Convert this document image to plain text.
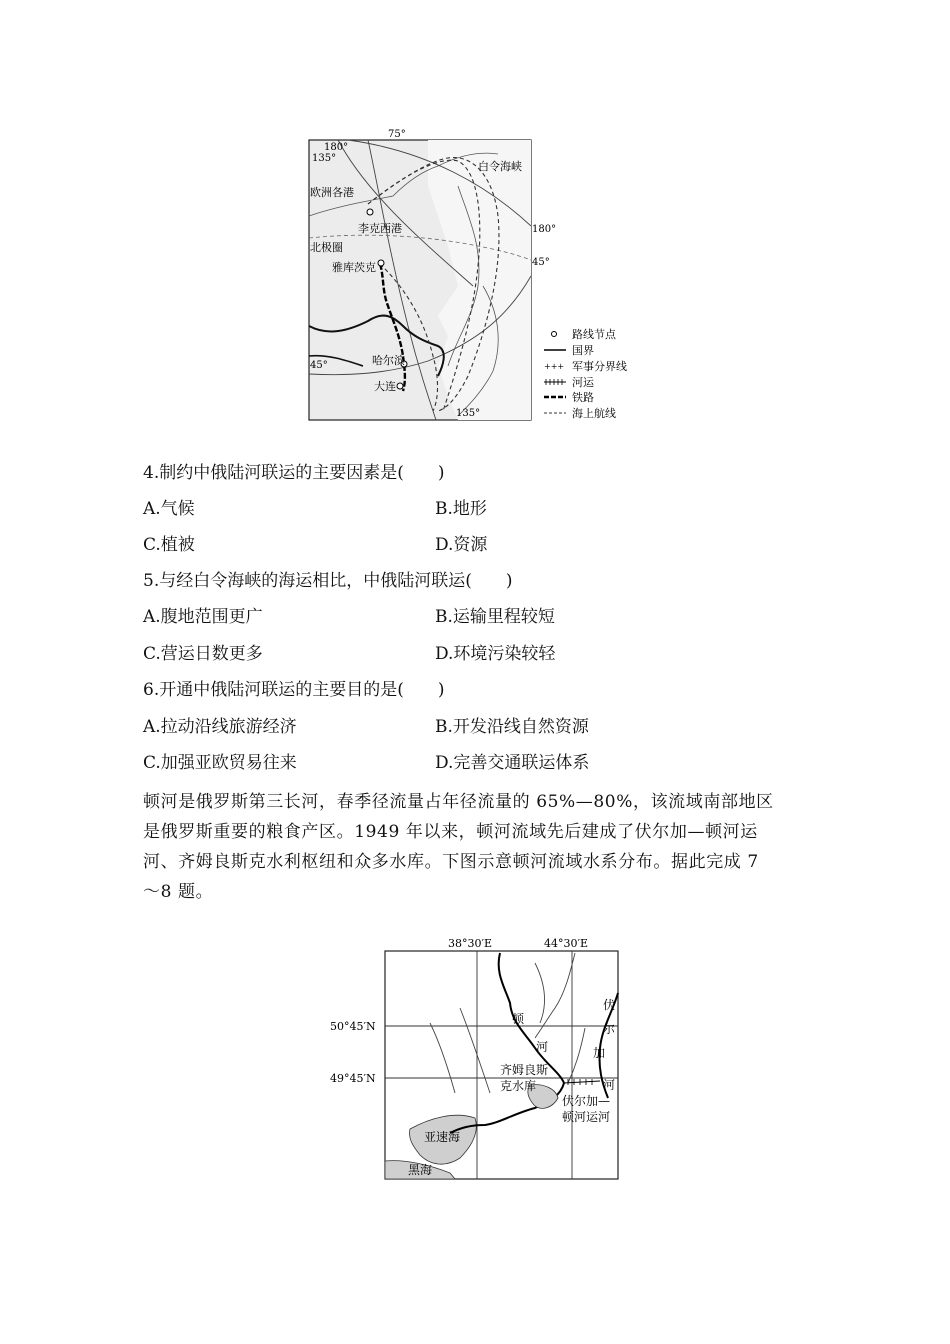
75°
180°
135°
白令海峡
欧洲各港
李克西港	180°
45°
北极圈
雅库茨克
哈尔滨
45°
大连
135°
+++
路线节点
国界
军事分界线
河运
铁路
海上航线
4.制约中俄陆河联运的主要因素是(　　)
A.气候	B.地形
C.植被	D.资源
5.与经白令海峡的海运相比，中俄陆河联运(　　)
A.腹地范围更广	B.运输里程较短
C.营运日数更多	D.环境污染较轻
6.开通中俄陆河联运的主要目的是(　　)
A.拉动沿线旅游经济	B.开发沿线自然资源
C.加强亚欧贸易往来	D.完善交通联运体系
顿河是俄罗斯第三长河，春季径流量占年径流量的 65%—80%，该流域南部地区
是俄罗斯重要的粮食产区。1949 年以来，顿河流域先后建成了伏尔加—顿河运
河、齐姆良斯克水利枢纽和众多水库。下图示意顿河流域水系分布。据此完成 7
～8 题。
38°30′E	44°30′E
50°45′N
49°45′N
顿
河
伏
尔
加
河
齐姆良斯
克水库
伏尔加—
顿河运河
亚速海
黑海
